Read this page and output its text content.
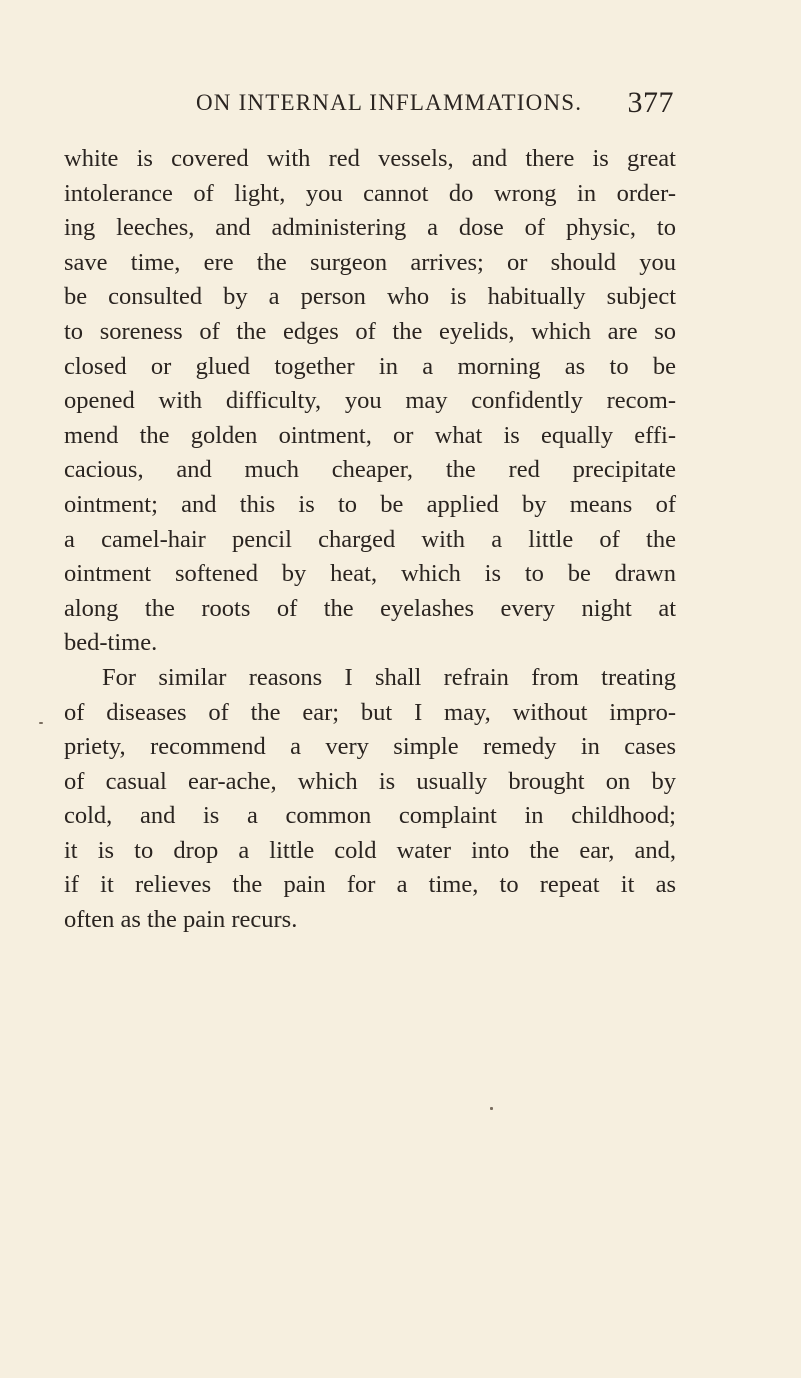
ON INTERNAL INFLAMMATIONS. 377
white is covered with red vessels, and there is great
intolerance of light, you cannot do wrong in order-
ing leeches, and administering a dose of physic, to
save time, ere the surgeon arrives; or should you
be consulted by a person who is habitually subject
to soreness of the edges of the eyelids, which are so
closed or glued together in a morning as to be
opened with difficulty, you may confidently recom-
mend the golden ointment, or what is equally effi-
cacious, and much cheaper, the red precipitate
ointment; and this is to be applied by means of
a camel-hair pencil charged with a little of the
ointment softened by heat, which is to be drawn
along the roots of the eyelashes every night at
bed-time.
For similar reasons I shall refrain from treating
of diseases of the ear; but I may, without impro-
priety, recommend a very simple remedy in cases
of casual ear-ache, which is usually brought on by
cold, and is a common complaint in childhood;
it is to drop a little cold water into the ear, and,
if it relieves the pain for a time, to repeat it as
often as the pain recurs.
